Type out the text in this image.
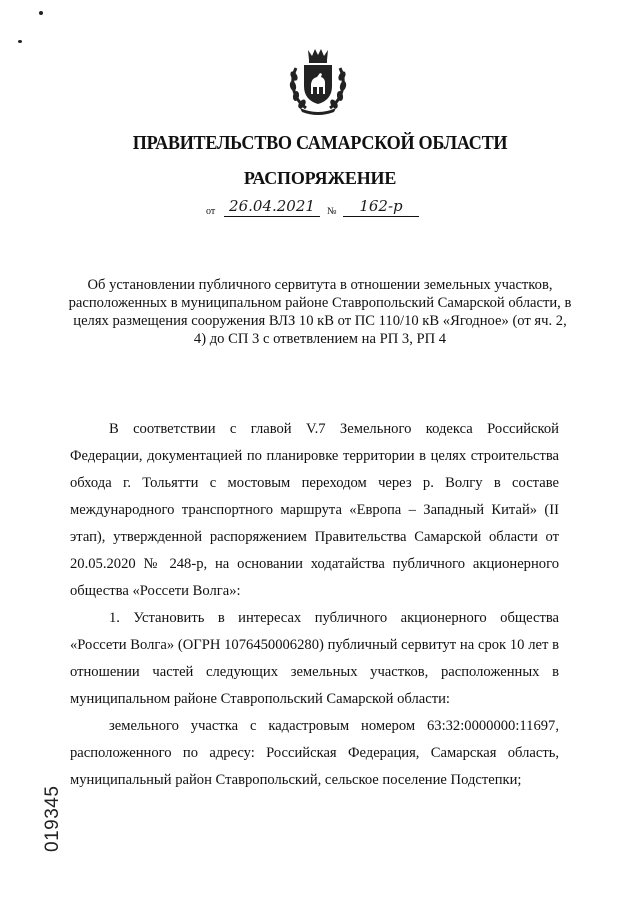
ПРАВИТЕЛЬСТВО САМАРСКОЙ ОБЛАСТИ
РАСПОРЯЖЕНИЕ
от 26.04.2021	№	162-р
Об установлении публичного сервитута в отношении земельных участков, расположенных в муниципальном районе Ставропольский Самарской области, в целях размещения сооружения ВЛЗ 10 кВ от ПС 110/10 кВ «Ягодное» (от яч. 2, 4) до СП 3 с ответвлением на РП 3, РП 4

В соответствии с главой V.7 Земельного кодекса Российской Федерации, документацией по планировке территории в целях строительства обхода г. Тольятти с мостовым переходом через р. Волгу в составе международного транспортного маршрута «Европа – Западный Китай» (II этап), утвержденной распоряжением Правительства Самарской области от 20.05.2020 № 248-р, на основании ходатайства публичного акционерного общества «Россети Волга»:

1. Установить в интересах публичного акционерного общества «Россети Волга» (ОГРН 1076450006280) публичный сервитут на срок 10 лет в отношении частей следующих земельных участков, расположенных в муниципальном районе Ставропольский Самарской области:

земельного участка с кадастровым номером 63:32:0000000:11697, расположенного по адресу: Российская Федерация, Самарская область, муниципальный район Ставропольский, сельское поселение Подстепки;

019345
